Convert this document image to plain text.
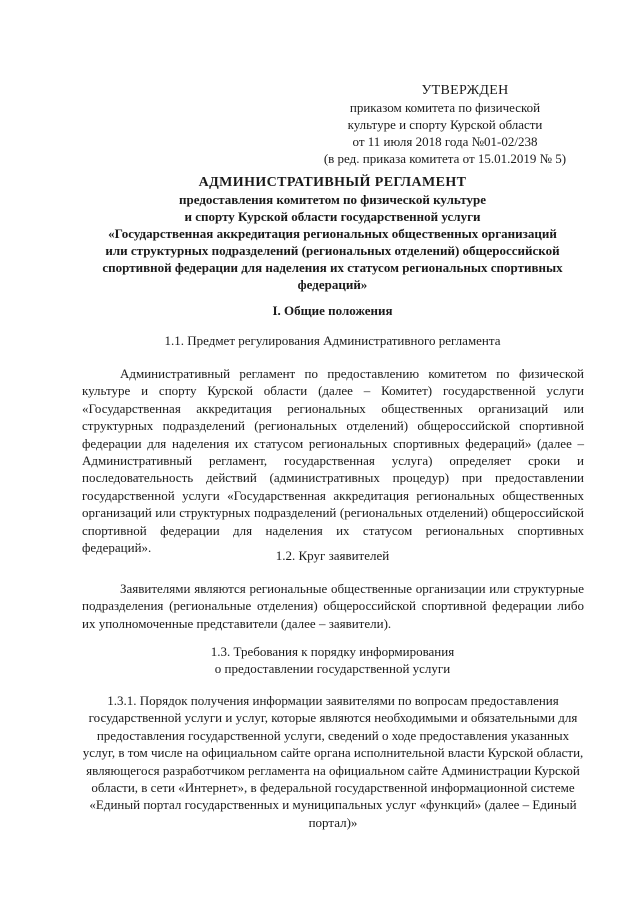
УТВЕРЖДЕН
приказом комитета по физической
культуре и спорту Курской области
от 11 июля 2018 года №01-02/238
(в ред. приказа комитета от 15.01.2019 № 5)
АДМИНИСТРАТИВНЫЙ РЕГЛАМЕНТ
предоставления комитетом по физической культуре
и спорту Курской области государственной услуги
«Государственная аккредитация региональных общественных организаций
или структурных подразделений (региональных отделений) общероссийской
спортивной федерации для наделения их статусом региональных спортивных
федераций»
I. Общие положения
1.1. Предмет регулирования Административного регламента

Административный регламент по предоставлению комитетом по физической культуре и спорту Курской области (далее – Комитет) государственной услуги «Государственная аккредитация региональных общественных организаций или структурных подразделений (региональных отделений) общероссийской спортивной федерации для наделения их статусом региональных спортивных федераций» (далее – Административный регламент, государственная услуга) определяет сроки и последовательность действий (административных процедур) при предоставлении государственной услуги «Государственная аккредитация региональных общественных организаций или структурных подразделений (региональных отделений) общероссийской спортивной федерации для наделения их статусом региональных спортивных федераций».

1.2. Круг заявителей

Заявителями являются региональные общественные организации или структурные подразделения (региональные отделения) общероссийской спортивной федерации либо их уполномоченные представители (далее – заявители).

1.3. Требования к порядку информирования
о предоставлении государственной услуги

1.3.1. Порядок получения информации заявителями по вопросам предоставления государственной услуги и услуг, которые являются необходимыми и обязательными для предоставления государственной услуги, сведений о ходе предоставления указанных услуг, в том числе на официальном сайте органа исполнительной власти Курской области, являющегося разработчиком регламента на официальном сайте Администрации Курской области, в сети «Интернет», в федеральной государственной информационной системе «Единый портал государственных и муниципальных услуг «функций» (далее – Единый портал)»
